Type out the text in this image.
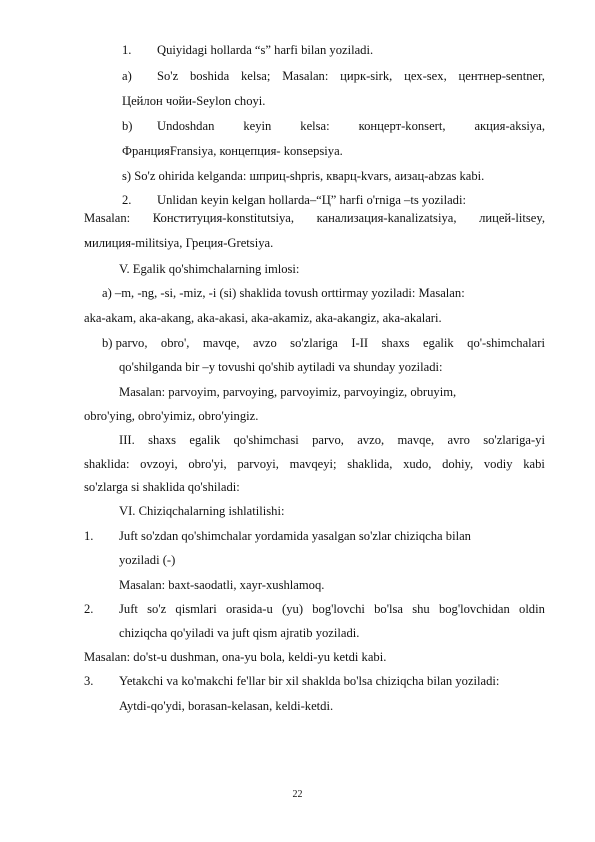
1. Quiyidagi hollarda “s” harfi bilan yoziladi.
a) So'z boshida kelsa; Masalan: цирк-sirk, цех-sex, центнер-sentner,
Цейлон чойи-Seylon choyi.
b) Undoshdan keyin kelsa: концерт-konsert, акция-aksiya,
ФранцияFransiya, концепция- konsepsiya.
s) So'z ohirida kelganda: шприц-shpris, кварц-kvars, аизац-abzas kabi.
2. Unlidan keyin kelgan hollarda–“Ц” harfi o'rniga –ts yoziladi:
Masalan: Конституция-konstitutsiya, канализация-kanalizatsiya, лицей-litsey,
милиция-militsiya, Греция-Gretsiya.
V. Egalik qo'shimchalarning imlosi:
a) –m, -ng, -si, -miz, -i (si) shaklida tovush orttirmay yoziladi: Masalan:
aka-akam, aka-akang, aka-akasi, aka-akamiz, aka-akangiz, aka-akalari.
b) parvo, obro', mavqe, avzo so'zlariga I-II shaxs egalik qo'-shimchalari
qo'shilganda bir –y tovushi qo'shib aytiladi va shunday yoziladi:
Masalan: parvoyim, parvoying, parvoyimiz, parvoyingiz, obruyim,
obro'ying, obro'yimiz, obro'yingiz.
III. shaxs egalik qo'shimchasi parvo, avzo, mavqe, avro so'zlariga-yi
shaklida: ovzoyi, obro'yi, parvoyi, mavqeyi; shaklida, xudo, dohiy, vodiy kabi
so'zlarga si shaklida qo'shiladi:
VI. Chiziqchalarning ishlatilishi:
1. Juft so'zdan qo'shimchalar yordamida yasalgan so'zlar chiziqcha bilan
yoziladi (-)
Masalan: baxt-saodatli, xayr-xushlamoq.
2. Juft so'z qismlari orasida-u (yu) bog'lovchi bo'lsa shu bog'lovchidan oldin
chiziqcha qo'yiladi va juft qism ajratib yoziladi.
Masalan: do'st-u dushman, ona-yu bola, keldi-yu ketdi kabi.
3. Yetakchi va ko'makchi fe'llar bir xil shaklda bo'lsa chiziqcha bilan yoziladi:
Aytdi-qo'ydi, borasan-kelasan, keldi-ketdi.
22
